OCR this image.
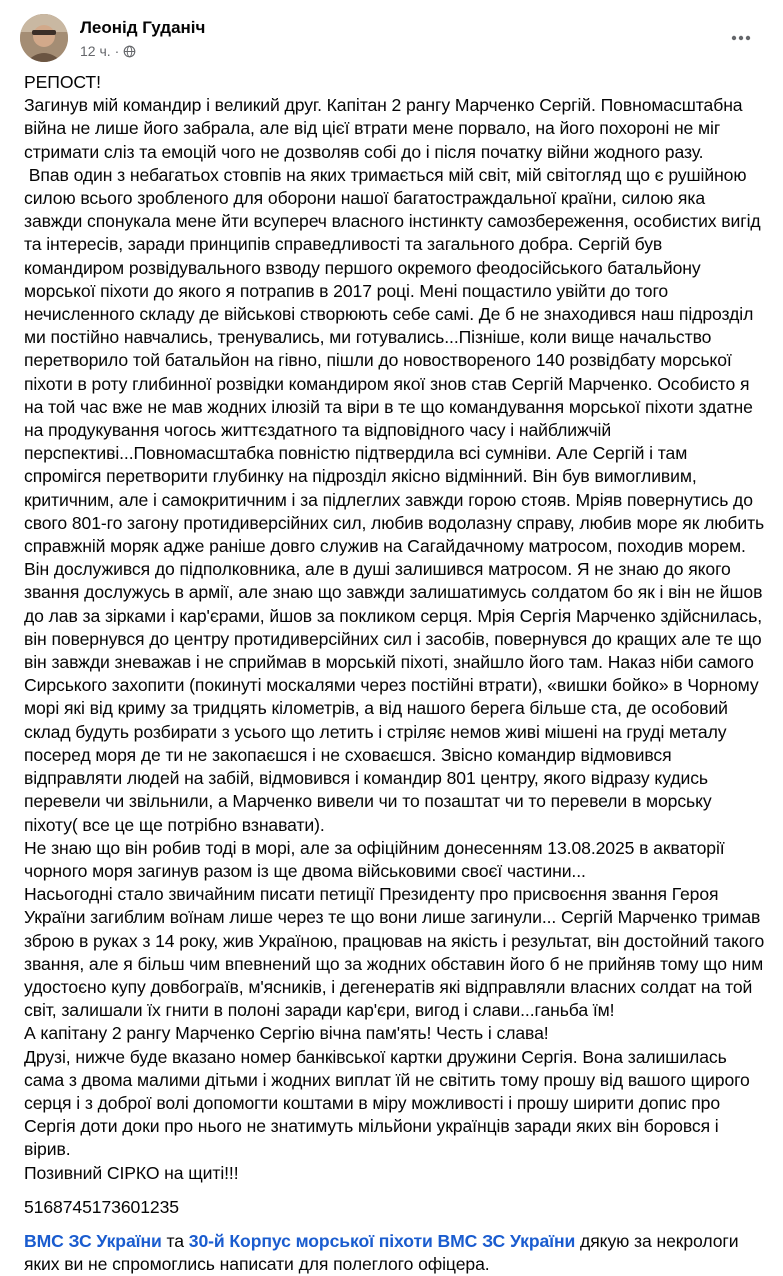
Леонід Гуданіч
12 ч. ·

РЕПОСТ!

Загинув мій командир і великий друг. Капітан 2 рангу Марченко Сергій. Повномасштабна війна не лише його забрала, але від цієї втрати мене порвало, на його похороні не міг стримати сліз та емоцій чого не дозволяв собі до і після початку війни жодного разу.

Впав один з небагатьох стовпів на яких тримається мій світ, мій світогляд що є рушійною силою всього зробленого для оборони нашої багатостраждальної країни, силою яка завжди спонукала мене йти всупереч власного інстинкту самозбереження, особистих вигід та інтересів, заради принципів справедливості та загального добра. Сергій був командиром розвідувального взводу першого окремого феодосійського батальйону морської піхоти до якого я потрапив в 2017 році. Мені пощастило увійти до того нечисленного складу де військові створюють себе самі. Де б не знаходився наш підрозділ ми постійно навчались, тренувались, ми готувались...Пізніше, коли вище начальство перетворило той батальйон на гівно, пішли до новоствореного 140 розвідбату морської піхоти в роту глибинної розвідки командиром якої знов став Сергій Марченко. Особисто я на той час вже не мав жодних ілюзій та віри в те що командування морської піхоти здатне на продукування чогось життєздатного та відповідного часу і найближчій перспективі...Повномасштабка повністю підтвердила всі сумніви. Але Сергій і там спромігся перетворити глубинку на підрозділ якісно відмінний. Він був вимогливим, критичним, але і самокритичним і за підлеглих завжди горою стояв. Мріяв повернутись до свого 801-го загону протидиверсійних сил, любив водолазну справу, любив море як любить справжній моряк адже раніше довго служив на Сагайдачному матросом, походив морем. Він дослужився до підполковника, але в душі залишився матросом. Я не знаю до якого звання дослужусь в армії, але знаю що завжди залишатимусь солдатом бо як і він не йшов до лав за зірками і кар'єрами, йшов за покликом серця. Мрія Сергія Марченко здійснилась, він повернувся до центру протидиверсійних сил і засобів, повернувся до кращих але те що він завжди зневажав і не сприймав в морській піхоті, знайшло його там. Наказ ніби самого Сирського захопити (покинуті москалями через постійні втрати), «вишки бойко» в Чорному морі які від криму за тридцять кілометрів, а від нашого берега більше ста, де особовий склад будуть розбирати з усього що летить і стріляє немов живі мішені на груді металу посеред моря де ти не закопаєшся і не сховаєшся. Звісно командир відмовився відправляти людей на забій, відмовився і командир 801 центру, якого відразу кудись перевели чи звільнили, а Марченко вивели чи то позаштат чи то перевели в морську піхоту( все це ще потрібно взнавати).

Не знаю що він робив тоді в морі, але за офіційним донесенням 13.08.2025 в акваторії чорного моря загинув разом із ще двома військовими своєї частини...

Насьогодні стало звичайним писати петиції Президенту про присвоєння звання Героя України загиблим воїнам лише через те що вони лише загинули... Сергій Марченко тримав зброю в руках з 14 року, жив Україною, працював на якість і результат, він достойний такого звання, але я більш чим впевнений що за жодних обставин його б не прийняв тому що ним удостоєно купу довбограїв, м'ясників, і дегенератів які відправляли власних солдат на той світ, залишали їх гнити в полоні заради кар'єри, вигод і слави...ганьба їм!

А капітану 2 рангу Марченко Сергію вічна пам'ять! Честь і слава!

Друзі, нижче буде вказано номер банківської картки дружини Сергія. Вона залишилась сама з двома малими дітьми і жодних виплат їй не світить тому прошу від вашого щирого серця і з доброї волі допомогти коштами в міру можливості і прошу ширити допис про Сергія доти доки про нього не знатимуть мільйони українців заради яких він боровся і вірив.

Позивний СІРКО на щиті!!!

5168745173601235

ВМС ЗС України та 30-й Корпус морської піхоти ВМС ЗС України дякую за некрологи яких ви не спромоглись написати для полеглого офіцера.
